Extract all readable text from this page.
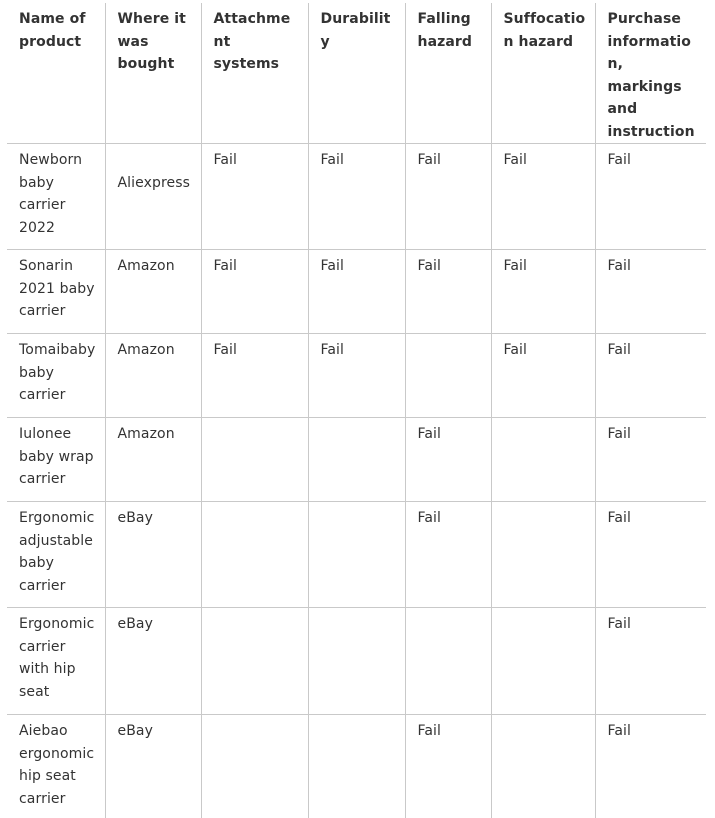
Name of product	Where it was bought	Attachment systems	Durability	Falling hazard	Suffocation hazard	Purchase information, markings and instruction
Newborn baby carrier 2022	Aliexpress	Fail	Fail	Fail	Fail	Fail
Sonarin 2021 baby carrier	Amazon	Fail	Fail	Fail	Fail	Fail
Tomaibaby baby carrier	Amazon	Fail	Fail		Fail	Fail
Iulonee baby wrap carrier	Amazon			Fail		Fail
Ergonomic adjustable baby carrier	eBay			Fail		Fail
Ergonomic carrier with hip seat	eBay					Fail
Aiebao ergonomic hip seat carrier	eBay			Fail		Fail
